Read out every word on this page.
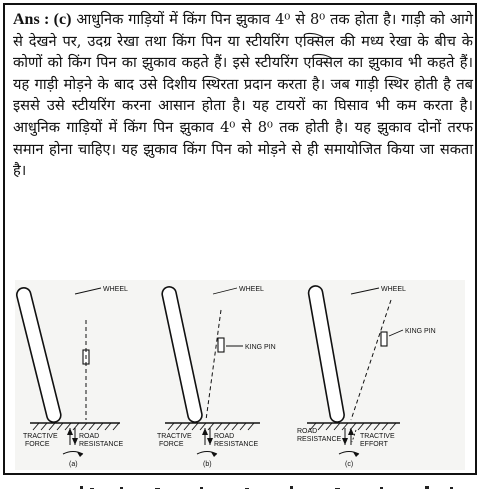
Ans : (c) आधुनिक गाड़ियों में किंग पिन झुकाव 4⁰ से 8⁰ तक होता है। गाड़ी को आगे से देखने पर, उदग्र रेखा तथा किंग पिन या स्टीयरिंग एक्सिल की मध्य रेखा के बीच के कोणों को किंग पिन का झुकाव कहते हैं। इसे स्टीयरिंग एक्सिल का झुकाव भी कहते हैं। यह गाड़ी मोड़ने के बाद उसे दिशीय स्थिरता प्रदान करता है। जब गाड़ी स्थिर होती है तब इससे उसे स्टीयरिंग करना आसान होता है। यह टायरों का घिसाव भी कम करता है। आधुनिक गाड़ियों में किंग पिन झुकाव 4⁰ से 8⁰ तक होती है। यह झुकाव दोनों तरफ समान होना चाहिए। यह झुकाव किंग पिन को मोड़ने से ही समायोजित किया जा सकता है।
WHEEL
TRACTIVE
FORCE
ROAD
RESISTANCE
(a)
WHEEL
KING PIN
TRACTIVE
FORCE
ROAD
RESISTANCE
(b)
WHEEL
KING PIN
ROAD
RESISTANCE	TRACTIVE
EFFORT
(c)
